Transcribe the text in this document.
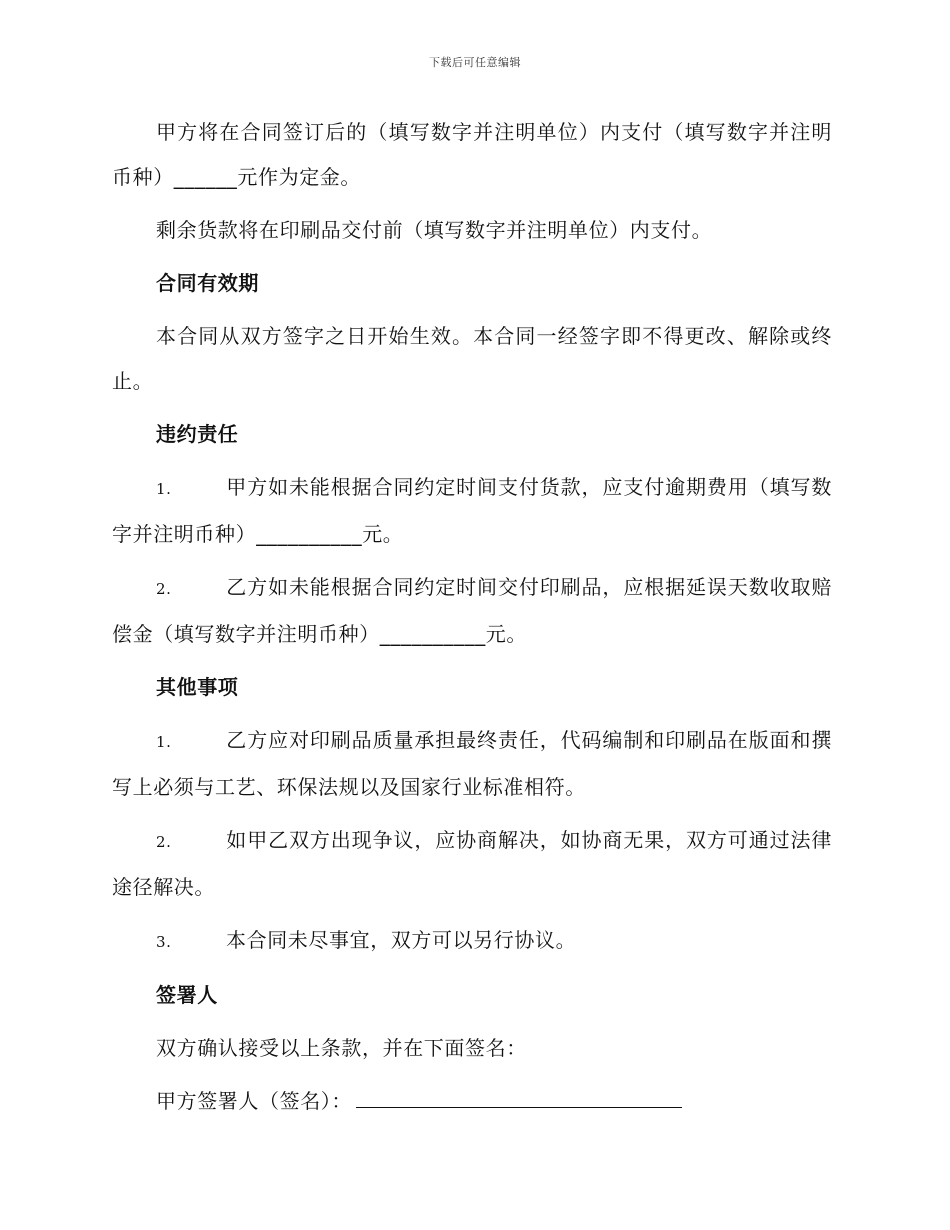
下载后可任意编辑

甲方将在合同签订后的（填写数字并注明单位）内支付（填写数字并注明币种）______元作为定金。

剩余货款将在印刷品交付前（填写数字并注明单位）内支付。

合同有效期

本合同从双方签字之日开始生效。本合同一经签字即不得更改、解除或终止。

违约责任

1.	甲方如未能根据合同约定时间支付货款，应支付逾期费用（填写数字并注明币种）__________元。

2.	乙方如未能根据合同约定时间交付印刷品，应根据延误天数收取赔偿金（填写数字并注明币种）__________元。

其他事项

1.	乙方应对印刷品质量承担最终责任，代码编制和印刷品在版面和撰写上必须与工艺、环保法规以及国家行业标准相符。

2.	如甲乙双方出现争议，应协商解决，如协商无果，双方可通过法律途径解决。

3.	本合同未尽事宜，双方可以另行协议。

签署人

双方确认接受以上条款，并在下面签名：

甲方签署人（签名）：
